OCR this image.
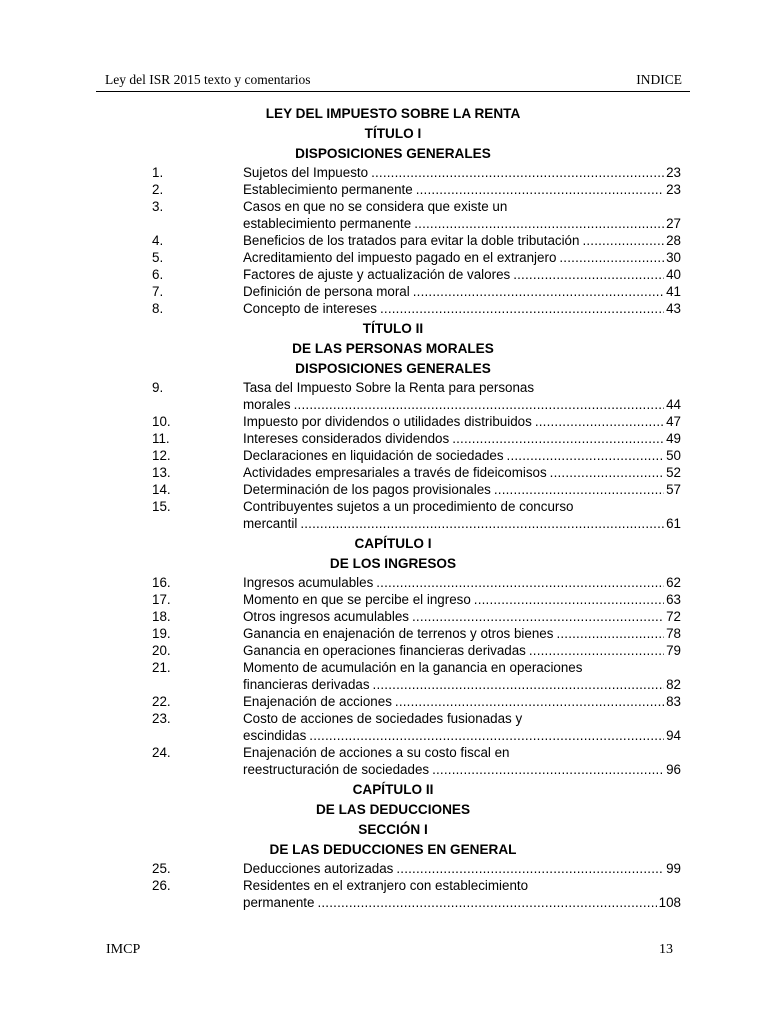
Ley del ISR 2015 texto y comentarios	INDICE
LEY DEL IMPUESTO SOBRE LA RENTA
TÍTULO I
DISPOSICIONES GENERALES
1.	Sujetos del Impuesto .....	23
2.	Establecimiento permanente .....	23
3.	Casos en que no se considera que existe un
establecimiento permanente .....	27
4.	Beneficios de los tratados para evitar la doble tributación .....	28
5.	Acreditamiento del impuesto pagado en el extranjero .....	30
6.	Factores de ajuste y actualización de valores .....	40
7.	Definición de persona moral .....	41
8.	Concepto de intereses .....	43
TÍTULO II
DE LAS PERSONAS MORALES
DISPOSICIONES GENERALES
9.	Tasa del Impuesto Sobre la Renta para personas
morales .....	44
10.	Impuesto por dividendos o utilidades distribuidos .....	47
11.	Intereses considerados dividendos .....	49
12.	Declaraciones en liquidación de sociedades .....	50
13.	Actividades empresariales a través de fideicomisos .....	52
14.	Determinación de los pagos provisionales .....	57
15.	Contribuyentes sujetos a un procedimiento de concurso
mercantil .....	61
CAPÍTULO I
DE LOS INGRESOS
16.	Ingresos acumulables .....	62
17.	Momento en que se percibe el ingreso .....	63
18.	Otros ingresos acumulables .....	72
19.	Ganancia en enajenación de terrenos y otros bienes .....	78
20.	Ganancia en operaciones financieras derivadas .....	79
21.	Momento de acumulación en la ganancia en operaciones
financieras derivadas .....	82
22.	Enajenación de acciones .....	83
23.	Costo de acciones de sociedades fusionadas y
escindidas .....	94
24.	Enajenación de acciones a su costo fiscal en
reestructuración de sociedades .....	96
CAPÍTULO II
DE LAS DEDUCCIONES
SECCIÓN I
DE LAS DEDUCCIONES EN GENERAL
25.	Deducciones autorizadas .....	99
26.	Residentes en el extranjero con establecimiento
permanente .....	108
IMCP	13
